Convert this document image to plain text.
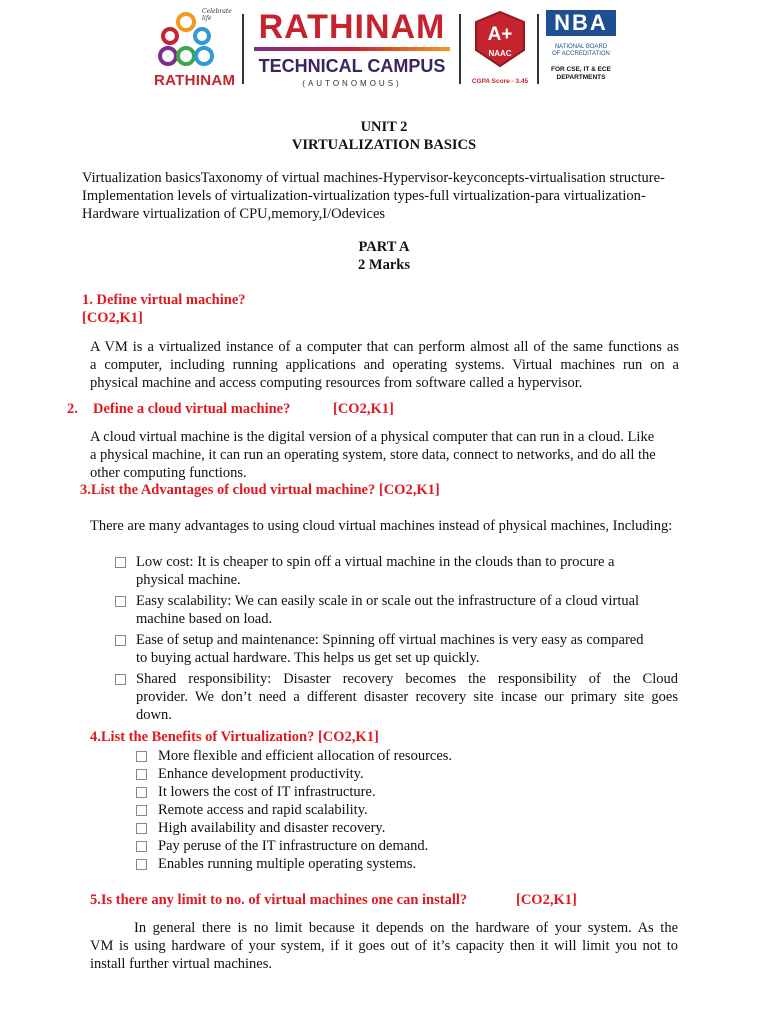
Celebrate life
RATHINAM
RATHINAM
TECHNICAL CAMPUS
(AUTONOMOUS)
A+
NAAC
CGPA Score - 3.45
NBA
NATIONAL BOARD
OF ACCREDITATION
FOR CSE, IT & ECE
DEPARTMENTS
UNIT 2
VIRTUALIZATION BASICS
Virtualization basicsTaxonomy of virtual machines-Hypervisor-keyconcepts-virtualisation structure-
Implementation levels of virtualization-virtualization types-full virtualization-para virtualization-
Hardware virtualization of CPU,memory,I/Odevices
PART A
2 Marks
1. Define virtual machine?
[CO2,K1]
A VM is a virtualized instance of a computer that can perform almost all of the same functions as
a computer, including running applications and operating systems. Virtual machines run on a
physical machine and access computing resources from software called a hypervisor.
2. Define a cloud virtual machine?	[CO2,K1]
A cloud virtual machine is the digital version of a physical computer that can run in a cloud. Like
a physical machine, it can run an operating system, store data, connect to networks, and do all the
other computing functions.
3.List the Advantages of cloud virtual machine? [CO2,K1]
There are many advantages to using cloud virtual machines instead of physical machines, Including:
Low cost: It is cheaper to spin off a virtual machine in the clouds than to procure a
physical machine.
Easy scalability: We can easily scale in or scale out the infrastructure of a cloud virtual
machine based on load.
Ease of setup and maintenance: Spinning off virtual machines is very easy as compared
to buying actual hardware. This helps us get set up quickly.
Shared responsibility: Disaster recovery becomes the responsibility of the Cloud
provider. We don’t need a different disaster recovery site incase our primary site goes
down.
4.List the Benefits of Virtualization? [CO2,K1]
More flexible and efficient allocation of resources.
Enhance development productivity.
It lowers the cost of IT infrastructure.
Remote access and rapid scalability.
High availability and disaster recovery.
Pay peruse of the IT infrastructure on demand.
Enables running multiple operating systems.
5.Is there any limit to no. of virtual machines one can install?	[CO2,K1]
In general there is no limit because it depends on the hardware of your system. As the
VM is using hardware of your system, if it goes out of it’s capacity then it will limit you not to
install further virtual machines.
